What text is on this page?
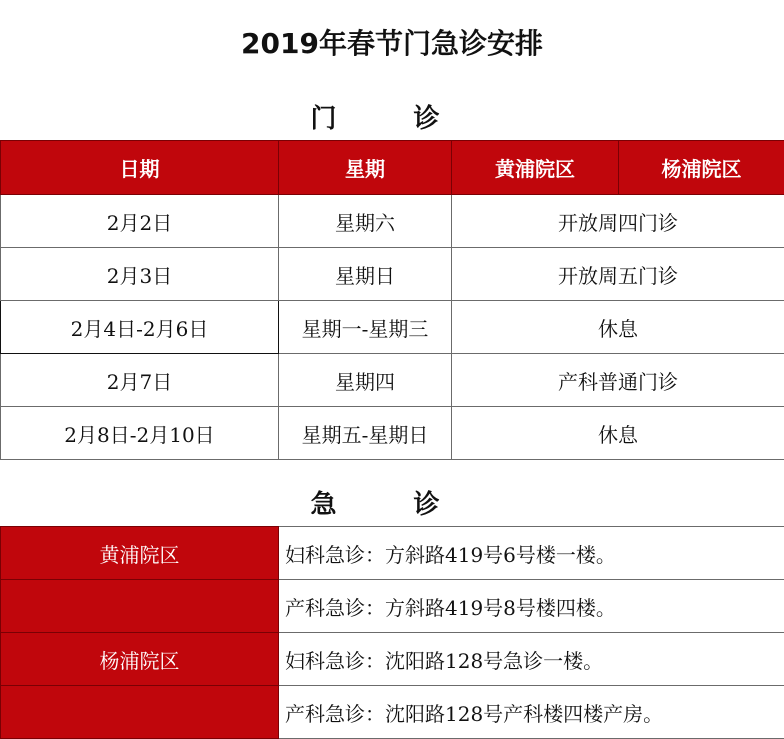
2019年春节门急诊安排
门 诊
日期	星期	黄浦院区	杨浦院区
2月2日	星期六	开放周四门诊	
2月3日	星期日	开放周五门诊	
2月4日-2月6日	星期一-星期三	休息	
2月7日	星期四	产科普通门诊	
2月8日-2月10日	星期五-星期日	休息	
急 诊
黄浦院区	妇科急诊：方斜路419号6号楼一楼。
	产科急诊：方斜路419号8号楼四楼。
杨浦院区	妇科急诊：沈阳路128号急诊一楼。
	产科急诊：沈阳路128号产科楼四楼产房。
